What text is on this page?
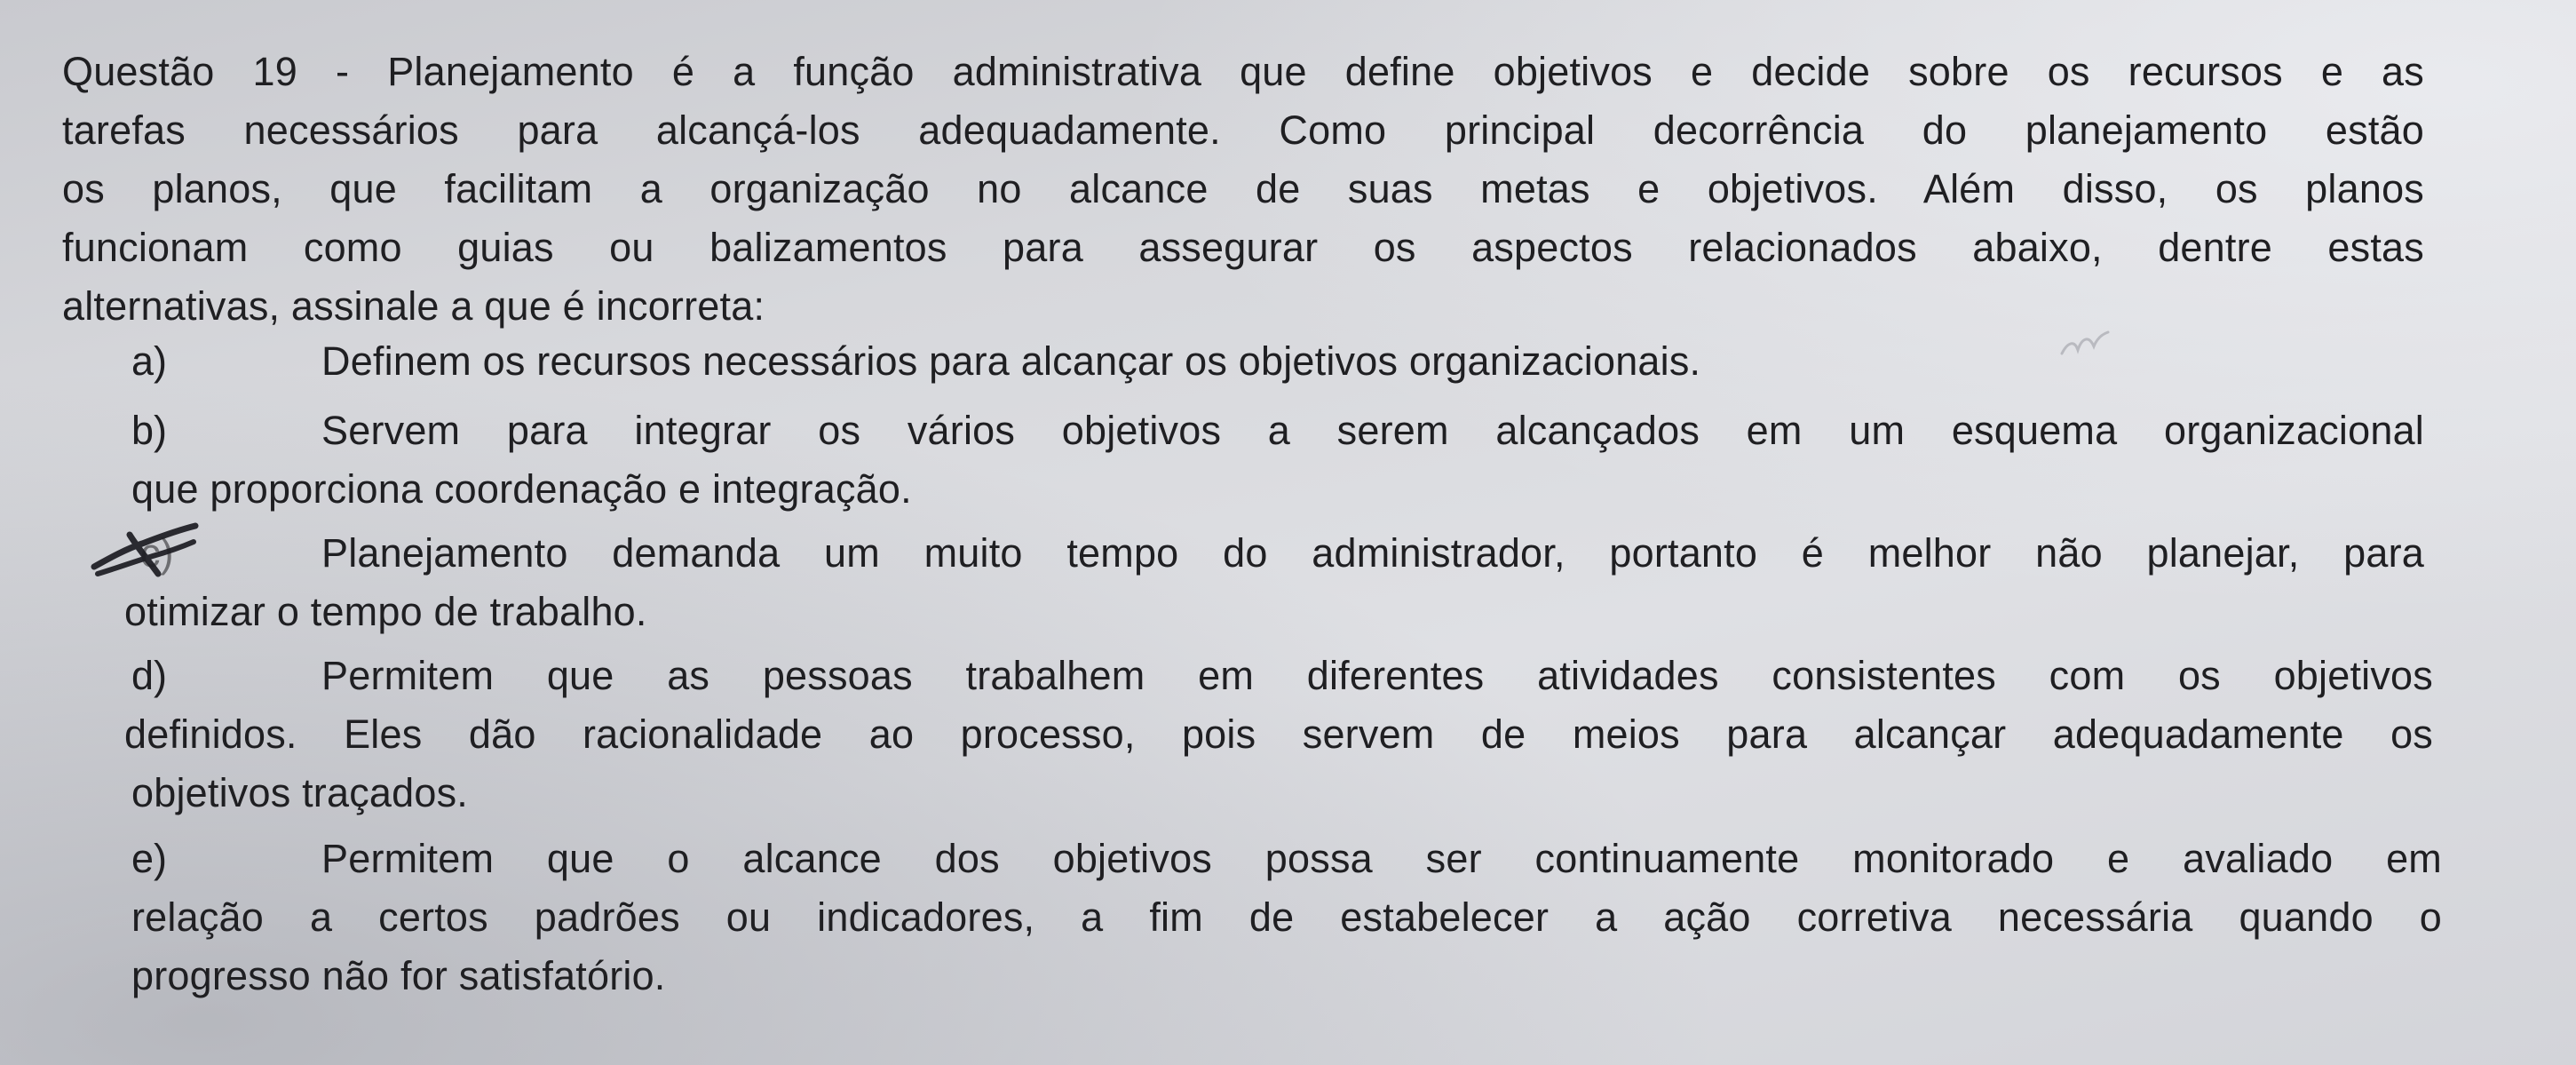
Questão 19 - Planejamento é a função administrativa que define objetivos e decide sobre os recursos e as
tarefas necessários para alcançá-los adequadamente. Como principal decorrência do planejamento estão
os planos, que facilitam a organização no alcance de suas metas e objetivos. Além disso, os planos
funcionam como guias ou balizamentos para assegurar os aspectos relacionados abaixo, dentre estas
alternativas, assinale a que é incorreta:
a)	Definem os recursos necessários para alcançar os objetivos organizacionais.
b)	Servem para integrar os vários objetivos a serem alcançados em um esquema organizacional
que proporciona coordenação e integração.
c)	Planejamento demanda um muito tempo do administrador, portanto é melhor não planejar, para
otimizar o tempo de trabalho.
d)	Permitem que as pessoas trabalhem em diferentes atividades consistentes com os objetivos
definidos. Eles dão racionalidade ao processo, pois servem de meios para alcançar adequadamente os
objetivos traçados.
e)	Permitem que o alcance dos objetivos possa ser continuamente monitorado e avaliado em
relação a certos padrões ou indicadores, a fim de estabelecer a ação corretiva necessária quando o
progresso não for satisfatório.
